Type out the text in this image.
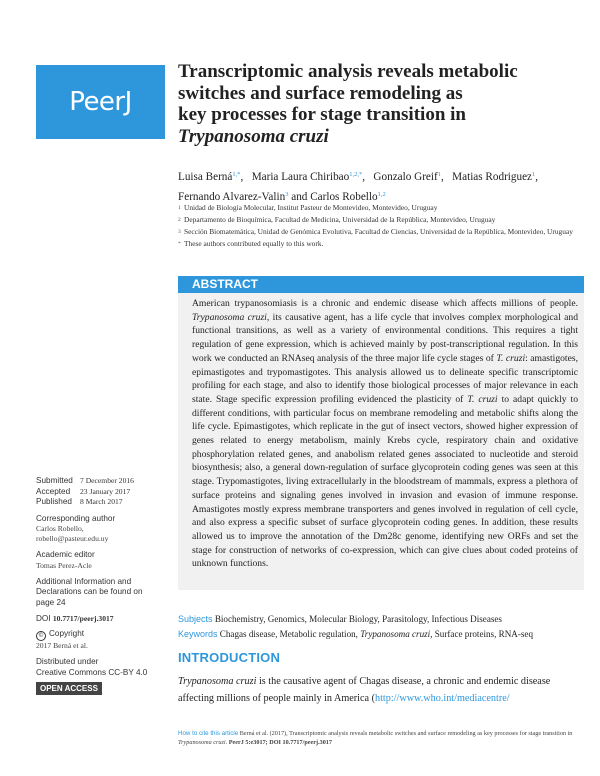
PeerJ
Transcriptomic analysis reveals metabolic
switches and surface remodeling as
key processes for stage transition in
Trypanosoma cruzi
Luisa Berná$^{1,*}$,   Maria Laura Chiribao$^{1,2,*}$,   Gonzalo Greif$^1$,   Matias Rodriguez$^1$,
Fernando Alvarez-Valin$^3$ and Carlos Robello$^{1,2}$
1 Unidad de Biología Molecular, Institut Pasteur de Montevideo, Montevideo, Uruguay
2 Departamento de Bioquímica, Facultad de Medicina, Universidad de la República, Montevideo, Uruguay
3 Sección Biomatemática, Unidad de Genómica Evolutiva, Facultad de Ciencias, Universidad de la República, Montevideo, Uruguay
* These authors contributed equally to this work.
ABSTRACT
American trypanosomiasis is a chronic and endemic disease which affects millions of people. Trypanosoma cruzi, its causative agent, has a life cycle that involves complex morphological and functional transitions, as well as a variety of environmental conditions. This requires a tight regulation of gene expression, which is achieved mainly by post-transcriptional regulation. In this work we conducted an RNAseq analysis of the three major life cycle stages of T. cruzi: amastigotes, epimastigotes and trypomastigotes. This analysis allowed us to delineate specific transcriptomic profiling for each stage, and also to identify those biological processes of major relevance in each state. Stage specific expression profiling evidenced the plasticity of T. cruzi to adapt quickly to different conditions, with particular focus on membrane remodeling and metabolic shifts along the life cycle. Epimastigotes, which replicate in the gut of insect vectors, showed higher expression of genes related to energy metabolism, mainly Krebs cycle, respiratory chain and oxidative phosphorylation related genes, and anabolism related genes associated to nucleotide and steroid biosynthesis; also, a general down-regulation of surface glycoprotein coding genes was seen at this stage. Trypomastigotes, living extracellularly in the bloodstream of mammals, express a plethora of surface proteins and signaling genes involved in invasion and evasion of immune response. Amastigotes mostly express membrane transporters and genes involved in regulation of cell cycle, and also express a specific subset of surface glycoprotein coding genes. In addition, these results allowed us to improve the annotation of the Dm28c genome, identifying new ORFs and set the stage for construction of networks of co-expression, which can give clues about coded proteins of unknown functions.
Submitted 7 December 2016
Accepted	23 January 2017
Published	8 March 2017
Corresponding author
Carlos Robello,
robello@pasteur.edu.uy
Academic editor
Tomas Perez-Acle
Additional Information and
Declarations can be found on
page 24
DOI 10.7717/peerj.3017
© Copyright
2017 Berná et al.
Distributed under
Creative Commons CC-BY 4.0
OPEN ACCESS
Subjects Biochemistry, Genomics, Molecular Biology, Parasitology, Infectious Diseases
Keywords Chagas disease, Metabolic regulation, Trypanosoma cruzi, Surface proteins, RNA-seq
INTRODUCTION
Trypanosoma cruzi is the causative agent of Chagas disease, a chronic and endemic disease affecting millions of people mainly in America (http://www.who.int/mediacentre/
How to cite this article Berná et al. (2017), Transcriptomic analysis reveals metabolic switches and surface remodeling as key processes for stage transition in Trypanosoma cruzi. PeerJ 5:e3017; DOI 10.7717/peerj.3017
